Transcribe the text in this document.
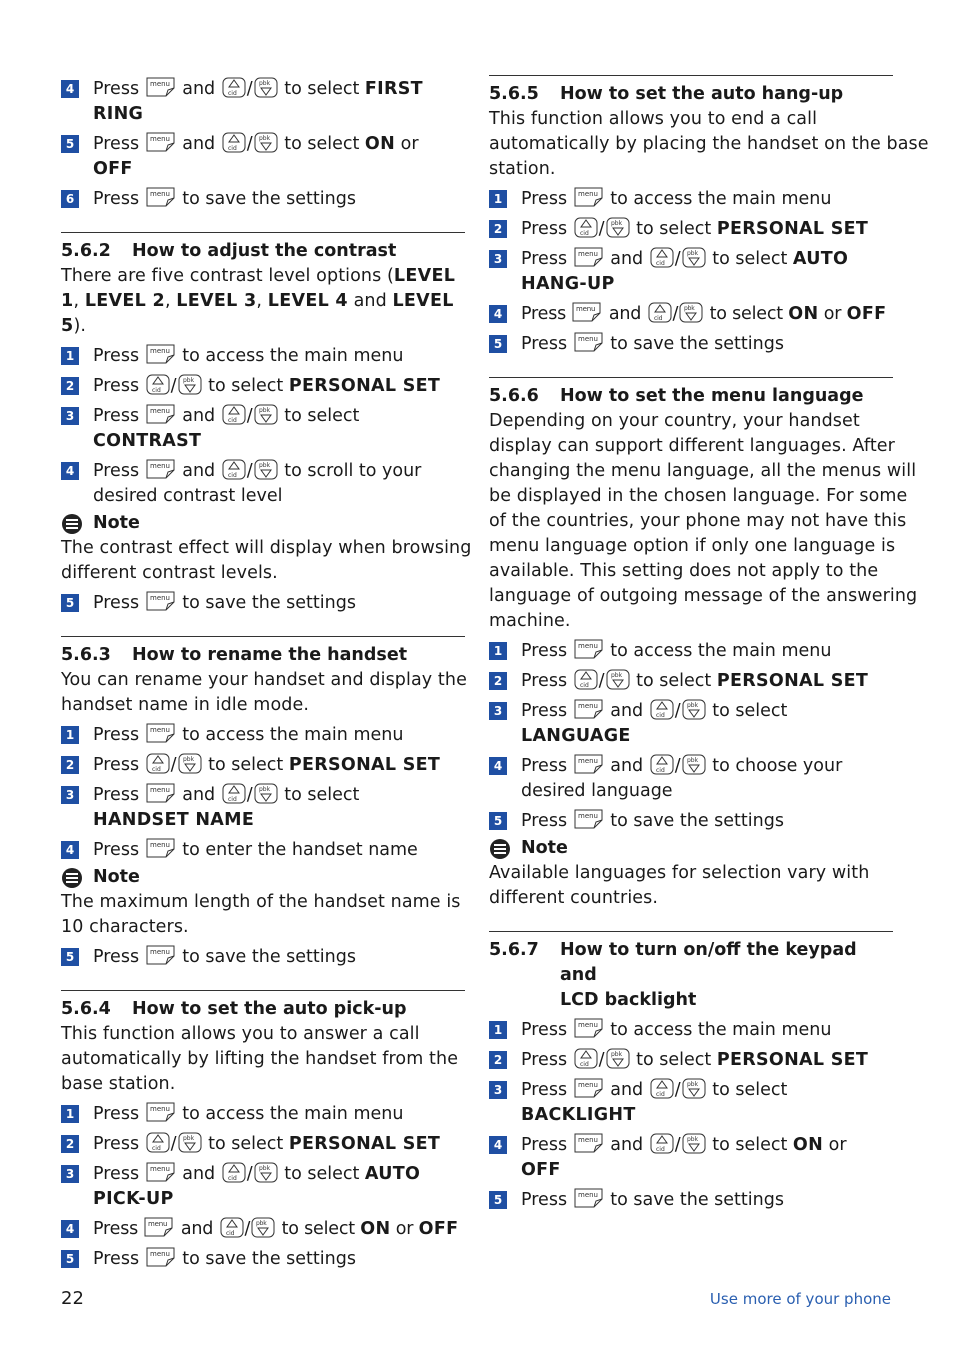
4 Press and / to select FIRST
RING
5 Press and / to select ON or
OFF
6 Press to save the settings
5.6.2	How to adjust the contrast
There are five contrast level options (LEVEL 1, LEVEL 2, LEVEL 3, LEVEL 4 and LEVEL 5).
1 Press to access the main menu
2 Press / to select PERSONAL SET
3 Press and / to select
CONTRAST
4 Press and / to scroll to your
desired contrast level
Note
The contrast effect will display when browsing
different contrast levels.
5 Press to save the settings
5.6.3	How to rename the handset
You can rename your handset and display the
handset name in idle mode.
1 Press to access the main menu
2 Press / to select PERSONAL SET
3 Press and / to select
HANDSET NAME
4 Press to enter the handset name
Note
The maximum length of the handset name is
10 characters.
5 Press to save the settings
5.6.4	How to set the auto pick-up
This function allows you to answer a call
automatically by lifting the handset from the
base station.
1 Press to access the main menu
2 Press / to select PERSONAL SET
3 Press and / to select AUTO
PICK-UP
4 Press and / to select ON or OFF
5 Press to save the settings
5.6.5	How to set the auto hang-up
This function allows you to end a call
automatically by placing the handset on the base
station.
1 Press to access the main menu
2 Press / to select PERSONAL SET
3 Press and / to select AUTO
HANG-UP
4 Press and / to select ON or OFF
5 Press to save the settings
5.6.6	How to set the menu language
Depending on your country, your handset
display can support different languages. After
changing the menu language, all the menus will
be displayed in the chosen language. For some
of the countries, your phone may not have this
menu language option if only one language is
available. This setting does not apply to the
language of outgoing message of the answering
machine.
1 Press to access the main menu
2 Press / to select PERSONAL SET
3 Press and / to select
LANGUAGE
4 Press and / to choose your
desired language
5 Press to save the settings
Note
Available languages for selection vary with
different countries.
5.6.7	How to turn on/off the keypad and
LCD backlight
1 Press to access the main menu
2 Press / to select PERSONAL SET
3 Press and / to select
BACKLIGHT
4 Press and / to select ON or
OFF
5 Press to save the settings
22	Use more of your phone
